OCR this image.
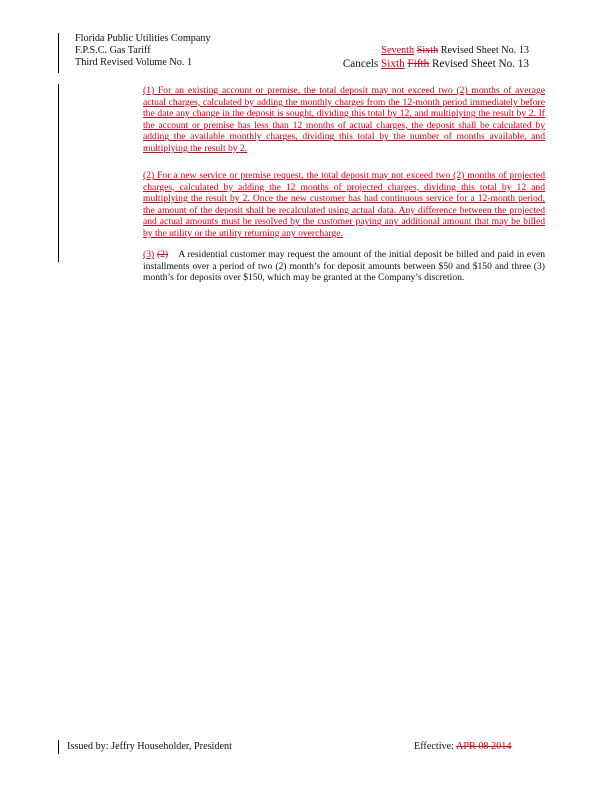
Florida Public Utilities Company
F.P.S.C. Gas Tariff
Third Revised Volume No. 1
Seventh Sixth Revised Sheet No. 13
Cancels Sixth Fifth Revised Sheet No. 13
(1) For an existing account or premise, the total deposit may not exceed two (2) months of average actual charges, calculated by adding the monthly charges from the 12-month period immediately before the date any change in the deposit is sought, dividing this total by 12, and multiplying the result by 2. If the account or premise has less than 12 months of actual charges, the deposit shall be calculated by adding the available monthly charges, dividing this total by the number of months available, and multiplying the result by 2.
(2) For a new service or premise request, the total deposit may not exceed two (2) months of projected charges, calculated by adding the 12 months of projected charges, dividing this total by 12 and multiplying the result by 2. Once the new customer has had continuous service for a 12-month period, the amount of the deposit shall be recalculated using actual data. Any difference between the projected and actual amounts must be resolved by the customer paying any additional amount that may be billed by the utility or the utility returning any overcharge.
(3) (2) A residential customer may request the amount of the initial deposit be billed and paid in even installments over a period of two (2) month’s for deposit amounts between $50 and $150 and three (3) month’s for deposits over $150, which may be granted at the Company’s discretion.
Issued by: Jeffry Householder, President	Effective: APR 08 2014
